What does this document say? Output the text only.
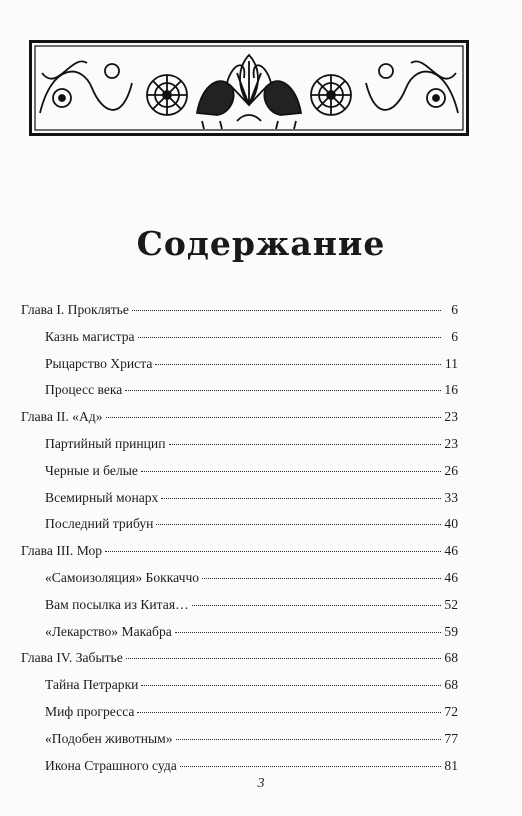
Содержание
Глава I. Проклятье	6
Казнь магистра	6
Рыцарство Христа	11
Процесс века	16
Глава II. «Ад»	23
Партийный принцип	23
Черные и белые	26
Всемирный монарх	33
Последний трибун	40
Глава III. Мор	46
«Самоизоляция» Боккаччо	46
Вам посылка из Китая…	52
«Лекарство» Макабра	59
Глава IV. Забытье	68
Тайна Петрарки	68
Миф прогресса	72
«Подобен животным»	77
Икона Страшного суда	81
3
